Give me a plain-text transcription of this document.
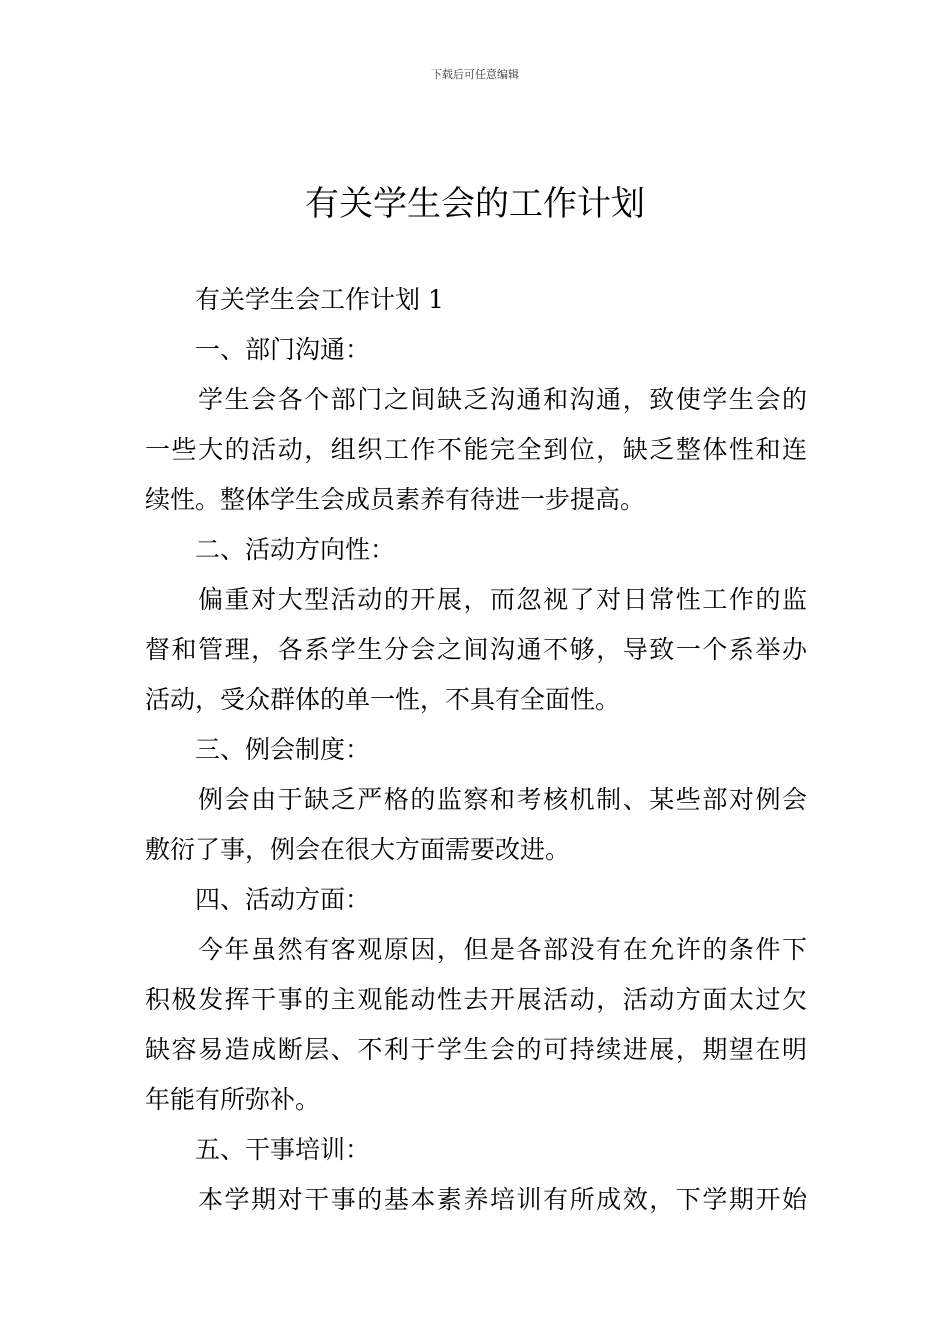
下载后可任意编辑
有关学生会的工作计划
有关学生会工作计划 1
一、部门沟通：
学生会各个部门之间缺乏沟通和沟通，致使学生会的
一些大的活动，组织工作不能完全到位，缺乏整体性和连
续性。整体学生会成员素养有待进一步提高。
二、活动方向性：
偏重对大型活动的开展，而忽视了对日常性工作的监
督和管理，各系学生分会之间沟通不够，导致一个系举办
活动，受众群体的单一性，不具有全面性。
三、例会制度：
例会由于缺乏严格的监察和考核机制、某些部对例会
敷衍了事，例会在很大方面需要改进。
四、活动方面：
今年虽然有客观原因，但是各部没有在允许的条件下
积极发挥干事的主观能动性去开展活动，活动方面太过欠
缺容易造成断层、不利于学生会的可持续进展，期望在明
年能有所弥补。
五、干事培训：
本学期对干事的基本素养培训有所成效，下学期开始
